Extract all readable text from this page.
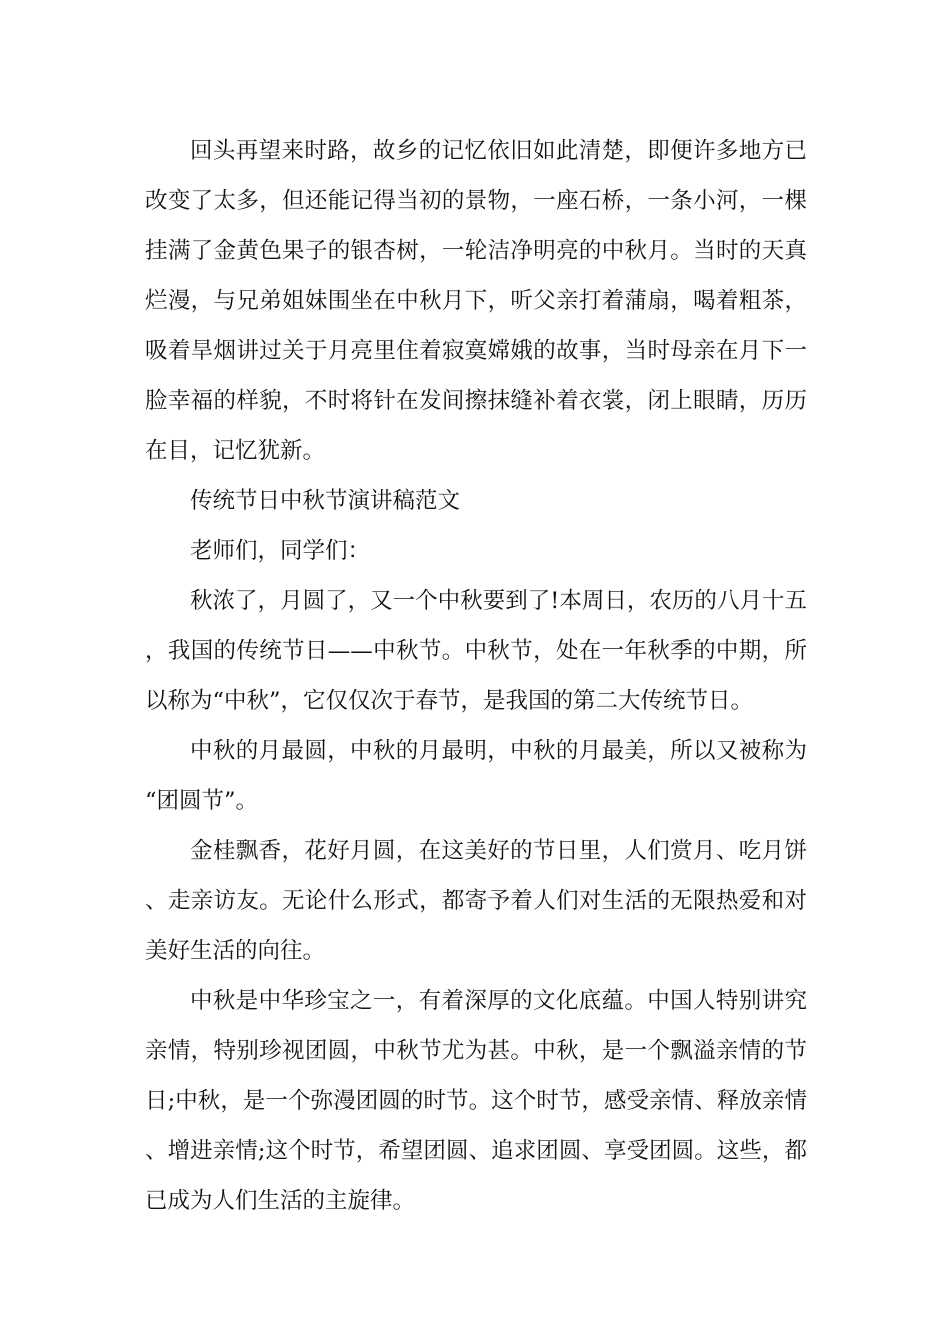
回头再望来时路，故乡的记忆依旧如此清楚，即便许多地方已改变了太多，但还能记得当初的景物，一座石桥，一条小河，一棵挂满了金黄色果子的银杏树，一轮洁净明亮的中秋月。当时的天真烂漫，与兄弟姐妹围坐在中秋月下，听父亲打着蒲扇，喝着粗茶，吸着旱烟讲过关于月亮里住着寂寞嫦娥的故事，当时母亲在月下一脸幸福的样貌，不时将针在发间擦抹缝补着衣裳，闭上眼睛，历历在目，记忆犹新。

传统节日中秋节演讲稿范文

老师们，同学们：

秋浓了，月圆了，又一个中秋要到了!本周日，农历的八月十五，我国的传统节日——中秋节。中秋节，处在一年秋季的中期，所以称为“中秋”，它仅仅次于春节，是我国的第二大传统节日。

中秋的月最圆，中秋的月最明，中秋的月最美，所以又被称为“团圆节”。

金桂飘香，花好月圆，在这美好的节日里，人们赏月、吃月饼、走亲访友。无论什么形式，都寄予着人们对生活的无限热爱和对美好生活的向往。

中秋是中华珍宝之一，有着深厚的文化底蕴。中国人特别讲究亲情，特别珍视团圆，中秋节尤为甚。中秋，是一个飘溢亲情的节日;中秋，是一个弥漫团圆的时节。这个时节，感受亲情、释放亲情、增进亲情;这个时节，希望团圆、追求团圆、享受团圆。这些，都已成为人们生活的主旋律。
